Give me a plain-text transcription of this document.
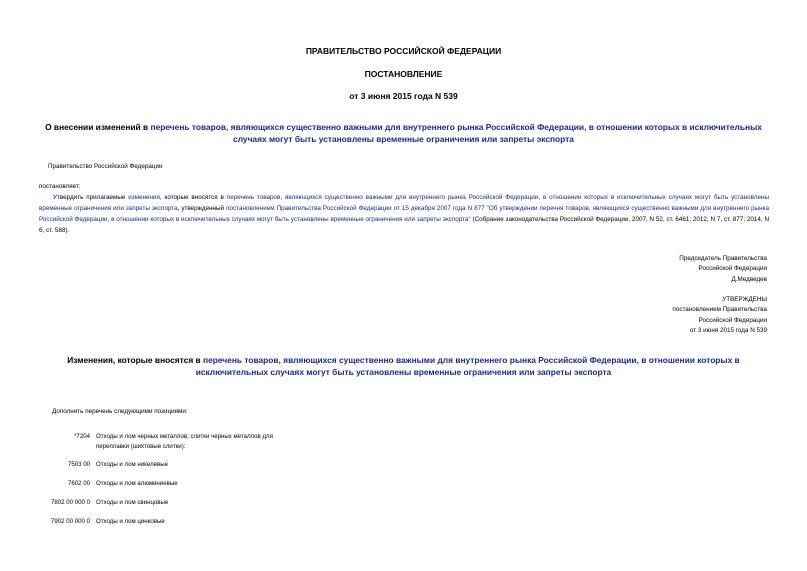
ПРАВИТЕЛЬСТВО РОССИЙСКОЙ ФЕДЕРАЦИИ
ПОСТАНОВЛЕНИЕ
от 3 июня 2015 года N 539
О внесении изменений в перечень товаров, являющихся существенно важными для внутреннего рынка Российской Федерации, в отношении которых в исключительных случаях могут быть установлены временные ограничения или запреты экспорта
Правительство Российской Федерации
постановляет:
Утвердить прилагаемые изменения, которые вносятся в перечень товаров, являющихся существенно важными для внутреннего рынка Российской Федерации, в отношении которых в исключительных случаях могут быть установлены временные ограничения или запреты экспорта, утвержденный постановлением Правительства Российской Федерации от 15 декабря 2007 года N 877 "Об утверждении перечня товаров, являющихся существенно важными для внутреннего рынка Российской Федерации, в отношении которых в исключительных случаях могут быть установлены временные ограничения или запреты экспорта" (Собрание законодательства Российской Федерации, 2007, N 52, ст. 6461; 2012, N 7, ст. 877; 2014, N 6, ст. 588).
Председатель Правительства
Российской Федерации
Д.Медведев
УТВЕРЖДЕНЫ
постановлением Правительства
Российской Федерации
от 3 июня 2015 года N 539
Изменения, которые вносятся в перечень товаров, являющихся существенно важными для внутреннего рынка Российской Федерации, в отношении которых в исключительных случаях могут быть установлены временные ограничения или запреты экспорта
Дополнить перечень следующими позициями:
*7204 Отходы и лом черных металлов; слитки черных металлов для переплавки (шихтовые слитки):
7503 00 Отходы и лом никелевые
7602 00 Отходы и лом алюминиевые
7802 00 000 0 Отходы и лом свинцовые
7902 00 000 0 Отходы и лом цинковые
